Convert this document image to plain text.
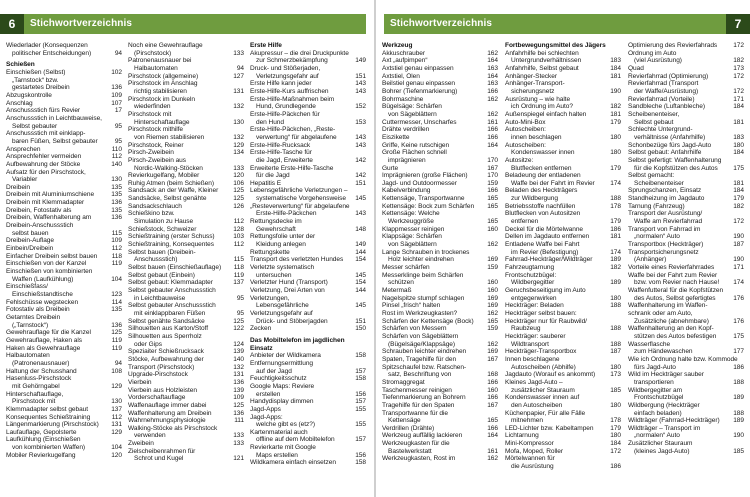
6	Stichwortverzeichnis
Wiederlader (Konsequenzen
politischer Entscheidungen)	94
Schießen
Einschießen (Selbst)	102
„Tarnstock“ bzw.
gestartetes Dreibein	136
Abzugskontrolle	109
Anschlag	107
Anschussstich fürs Revier	17
Anschussstich in Leichtbauweise,
Selbst gebauter	95
Anschussstich mit einklapp-
baren Füßen, Selbst gebauter	95
Ansprechen	110
Ansprechfehler vermeiden	112
Aufbewahrung der Stöcke	140
Aufsatz für den Pirschstock,
Variabler	130
Dreibein	135
Dreibein mit Aluminiumschiene	135
Dreibein mit Klemmadapter	136
Dreibein, Fotostativ als	135
Dreibein, Waffenhalterung am	136
Dreibein-Anschussstich
selbst bauen	115
Dreibein-Auflage	109
Einbein/Dreibein	112
Einfacher Dreibein selbst bauen 118
Einschießen von der Kanzel	119
Einschießen von kombinierten
Waffen (Laufkühlung)	104
Einschießfass/
Einschießstandtische	123
Fehlschüsse wegstecken	114
Fotostativ als Dreibein	135
Getarntes Dreibein
(„Tarnstock“)	136
Gewehrauflage für die Kanzel	125
Gewehrauflage, Haken als	119
Haken als Gewehrauflage	119
Halbautomaten
(Patronenausnauer)	94
Haltung der Schusshand	108
Hasenluss-Pirschstock
mit Gehörngabel	129
Hinterschaftauflage,
Pirschstock mit	130
Klemmadapter selbst gebaut	137
Konsequentes Schießtraining	112
Längenmarkierung (Pirschstock) 131
Laufauflage, Gepolsterte	129
Laufkühlung (Einschießen
von kombinierten Waffen)	104
Mobiler Revierkugelfang	120
Noch eine Gewehrauflage
(Pirschstock)	133
Patronenausnauer bei
Halbautomaten	94
Pirschstock (allgemeine)	127
Pirschstock im Anschlag
richtig stabilisieren	131
Pirschstock im Dunkeln
wiederfinden	132
Pirschstock mit
Hinterschaftauflage	130
Pirschstock mithilfe
von Riemen stabilisieren	132
Pirschstock, Reiner	129
Pirsch-Zweibein	134
Pirsch-Zweibein aus
Nordic-Walking-Stöcken	133
Revierkugelfang, Mobiler	120
Ruhig Atmen (beim Schießen)	106
Sandsack an der Waffe, Kleiner 125
Sandsäcke, Selbst genähte	125
Sandsackschlauch	126
Schießkino bzw.
Simulation zu Hause	112
Schießstock, Schweizer	128
Schießtraining (erster Schuss)	103
Schießtraining, Konsequentes	112
Selbst bauen (Dreibein-
Anschussstich)	115
Selbst bauen (Einschießauflage) 118
Selbst gebaut (Einbein)	119
Selbst gebaut: Klemmadapter	137
Selbst gebauter Anschussstich
in Leichtbauweise	95
Selbst gebauter Anschussstich
mit einklappbaren Füßen	95
Selbst genähte Sandsäcke	125
Silhouetten aus Karton/Stoff	122
Silhouetten aus Sperrholz
oder Gips	124
Speziaiter Schießrucksack	139
Stöcke, Aufbewahrung der	140
Transport (Pirschstock)	132
Upgrade-Pirschstock	131
Vierbein	136
Vierbein aus Holzleisten	139
Vorderschaftauflage	109
Waffenauflage immer dabei	125
Waffenhalterung am Dreibein	136
Wahrnehmungsphysiologie	111
Walking-Stöcke als Pirschstock
verwenden	133
Zweibein	133
Zielscheibenrahmen für
Schrot und Kugel	121
Erste Hilfe
Akupressur – die drei Druckpunkte
zur Schmerzbekämpfung	149
Druck- und Stößerjaden,
Verletzungsgefahr auf	151
Erste Hilfe kann jeder	143
Erste-Hilfe-Kurs auffrischen	143
Erste-Hilfe-Maßnahmen beim
Hund, Grundlegende	152
Erste-Hilfe-Päckchen für
den Hund	153
Erste-Hilfe-Päckchen, „Reste-
verwertung“ für abgelaufene	143
Erste-Hilfe-Rucksack	143
Erste-Hilfe-Tasche für
die Jagd, Erweiterte	142
Erweiterte Erste-Hilfe-Tasche
für die Jagd	142
Hepatitis E	151
Lebensgefährliche Verletzungen –
systematische Vorgehensweise 145
„Resteverwertung“ für abgelaufene
Erste-Hilfe-Päckchen	143
Rettungsdecke im
Gewehrschaft	148
Rettungsfolie unter der
Kleidung anlegen	149
Rettungskette	144
Transport des verletzten Hundes 154
Verletzte systematisch
untersuchen	145
Verletzter Hund (Transport)	154
Verletzung, Drei Arten von	144
Verletzungen,
Lebensgefährliche	145
Verletzungsgefahr auf
Drück- und Stöberjagden	151
Zecken	150
Das Mobiltelefon im jagdlichen
Einsatz
Anbieter der Wildkamera	158
Entfernungsermittlung
auf der Jagd	157
Feuchtigkeitsschutz	158
Google Maps: Reviere
erstellen	156
Handydisplay dimmen	157
Jagd-Apps	155
Jagd-Apps:
welche gibt es (etz?)	155
Kartenmaterial auch
offline auf dem Mobiltelefon	157
Revierkarte mit Google
Maps erstellen	156
Wildkamera einfach einsetzen	158
Stichwortverzeichnis	7
Werkzeug
Akkuschrauber	162
Axt „aufpimpen“	164
Axtstiel genau einpassen	163
Axtstiel, Ölen	164
Beilstiel genau einpassen	163
Bohrer (Tiefenmarkierung)	166
Bohrmaschine	162
Bügelsäge: Schärfen
von Sägeblättern	162
Cuttermesser, Unscharfes	161
Drähte verdrillen	166
Eiszikette	166
Griffe, Keine rutschigen	164
Große Flächen schnell
imprägnieren	170
Gurte	167
Imprägnieren (große Flächen)	170
Jagd- und Outdoormesser	159
Kabelverbindung	166
Kettensäge, Transportwanne	165
Kettensäge: Bock zum Schärfen 165
Kettensäge: Welche
Werkzeuggröße	165
Klappmesser reinigen	160
Klappsäge: Schärfen
von Sägeblättern	162
Lange Schrauben in trockenes
Holz leichter eindrehen	169
Messer schärfen	159
Messerklinge beim Schärfen
schützen	160
Metermaß	160
Nagelspitze stumpf schlagen	169
Pinsel „frisch“ halten	169
Rost im Werkzeugkasten?	162
Schärfen der Kettensäge (Bock) 165
Schärfen von Messern	159
Schärfen von Sägeblättern
(Bügelsäge/Klappsäge)	162
Schrauben leichter eindrehen	169
Spaten, Tragehilfe für den	167
Spitzschaufel bzw. Ratschen-
satz, Beschriftung von	168
Stromaggregat	166
Taschenmesser reinigen	160
Tiefenmarkierung an Bohrern	166
Tragehilfe für den Spaten	167
Transportwanne für die
Kettensäge	165
Verdrillen (Drähte)	166
Werkzeug auffällig lackieren	164
Werkzeugkasten für die
Bastelwerkstatt	161
Werkzeugkasten, Rost im	162
Fortbewegungsmittel des Jägers
Anfahrhilfe bei schlechten
Untergrundverhältnissen	183
Anfahrhilfe, Selbst gebaut	184
Anhänger-Stecker	181
Anhänger-Transport-
sicherungsnetz	190
Ausrüstung – wie halte
ich Ordnung im Auto?	182
Außenspiegel einfach halten	181
Auto-Mini-Box	179
Autoscheiben:
innen beschlagen	180
Autoscheiben:
Kondenswasser innen	180
Autositze:
Blutflecken entfernen	179
Beladeung der entladenen
Waffe bei der Fahrt im Revier 174
Beladen des Heckträgers
zur Wildbergung	188
Betriebsstoffe nachfüllen	178
Blutflecken von Autositzen
entfernen	179
Deckel für die Mörtelwanne	186
Dellen im Jagdauto entfernen	181
Entladene Waffe bei Fahrt
im Revier (Befestigung)	174
Fahrrad-Heckträger/Wildträger	189
Fahrzeugtarnung	182
Frontschutzbügel:
Wildbergegitter	189
Geruchsbeseitigung im Auto
entgegenwirken	180
Heckträger: Beladen	188
Heckträger selbst bauen:
Heckträger nur für Raubwild/
Raubzeug	188
Heckträger: sauberer
Wildtransport	188
Heckträger-Transportbox	187
Innen beschlagene
Autoscheiben (Abhilfe)	180
Jagdauto (Worauf es ankommt) 173
Kleines Jagd-Auto –
zusätzlicher Stauraum	185
Kondenswasser innen auf
den Autoscheiben	180
Küchenpapier, Für alle Fälle
mitnehmen	178
LED-Lichter bzw. Kabeltampen	179
Lichtarnung	180
Mini-Kompressor	184
Mofa, Moped, Roller	172
Mörtelwannen für
die Ausrüstung	186
Optimierung des Revierfahrads 172
Ordnung im Auto
(viel Ausrüstung)	182
Quad	173
Revierfahrrad (Optimierung)	172
Revierfahrrad (Transport
der Waffe/Ausrüstung)	172
Revierfahrrad (Vorteile)	171
Sandbleche (Luftanbleche)	184
Scheibenenteiser,
Selbst gebaut	181
Schlechte Untergrund-
verhältnisse (Anfahrhilfe)	183
Schonbezüge fürs Jagd-Auto	180
Selbst gebaut: Anfahrhilfe	184
Selbst gefertigt: Waffenhalterung
für die Kopfstützen des Autos 175
Selbst gemacht:
Scheibenenteiser	181
Sprungschanzen, Einsatz	184
Standheizung im Jagdauto	179
Tarnung (Fahrzeug)	182
Transport der Ausrüstung/
Waffe am Revierfahrrad	172
Transport von Fahrrad im
„normalen“ Auto	190
Transportbox (Heckträger)	187
Transportsicherungsnetz
(Anhänger)	190
Vorteile eines Revierfahrrades	171
Waffe bei der Fahrt zum Revier
bzw. vom Revier nach Hause! 174
Waffenfutteral für die Kopfstützen
des Autos, Selbst gefertigtes	176
Waffenhalterung im Waffen-
schrank oder am Auto,
Zusätzliche (abnehmbare)	176
Waffenhalterung an den Kopf-
stützen des Autos befestigen	175
Wasserflasche
zum Händewaschen	177
Wie ich Ordnung halte bzw. Kommode
fürs Jagd-Auto	186
Wild im Heckträger sauber
transportieren	188
Wildbergegitter am
Frontschutzbügel	189
Wildbergung (Heckträger
einfach beladen)	188
Wildträger (Fahrrad-Heckträger) 189
Wildträger – Transport im
„normalen“ Auto	190
Zusätzlicher Stauraum
(kleines Jagd-Auto)	185
